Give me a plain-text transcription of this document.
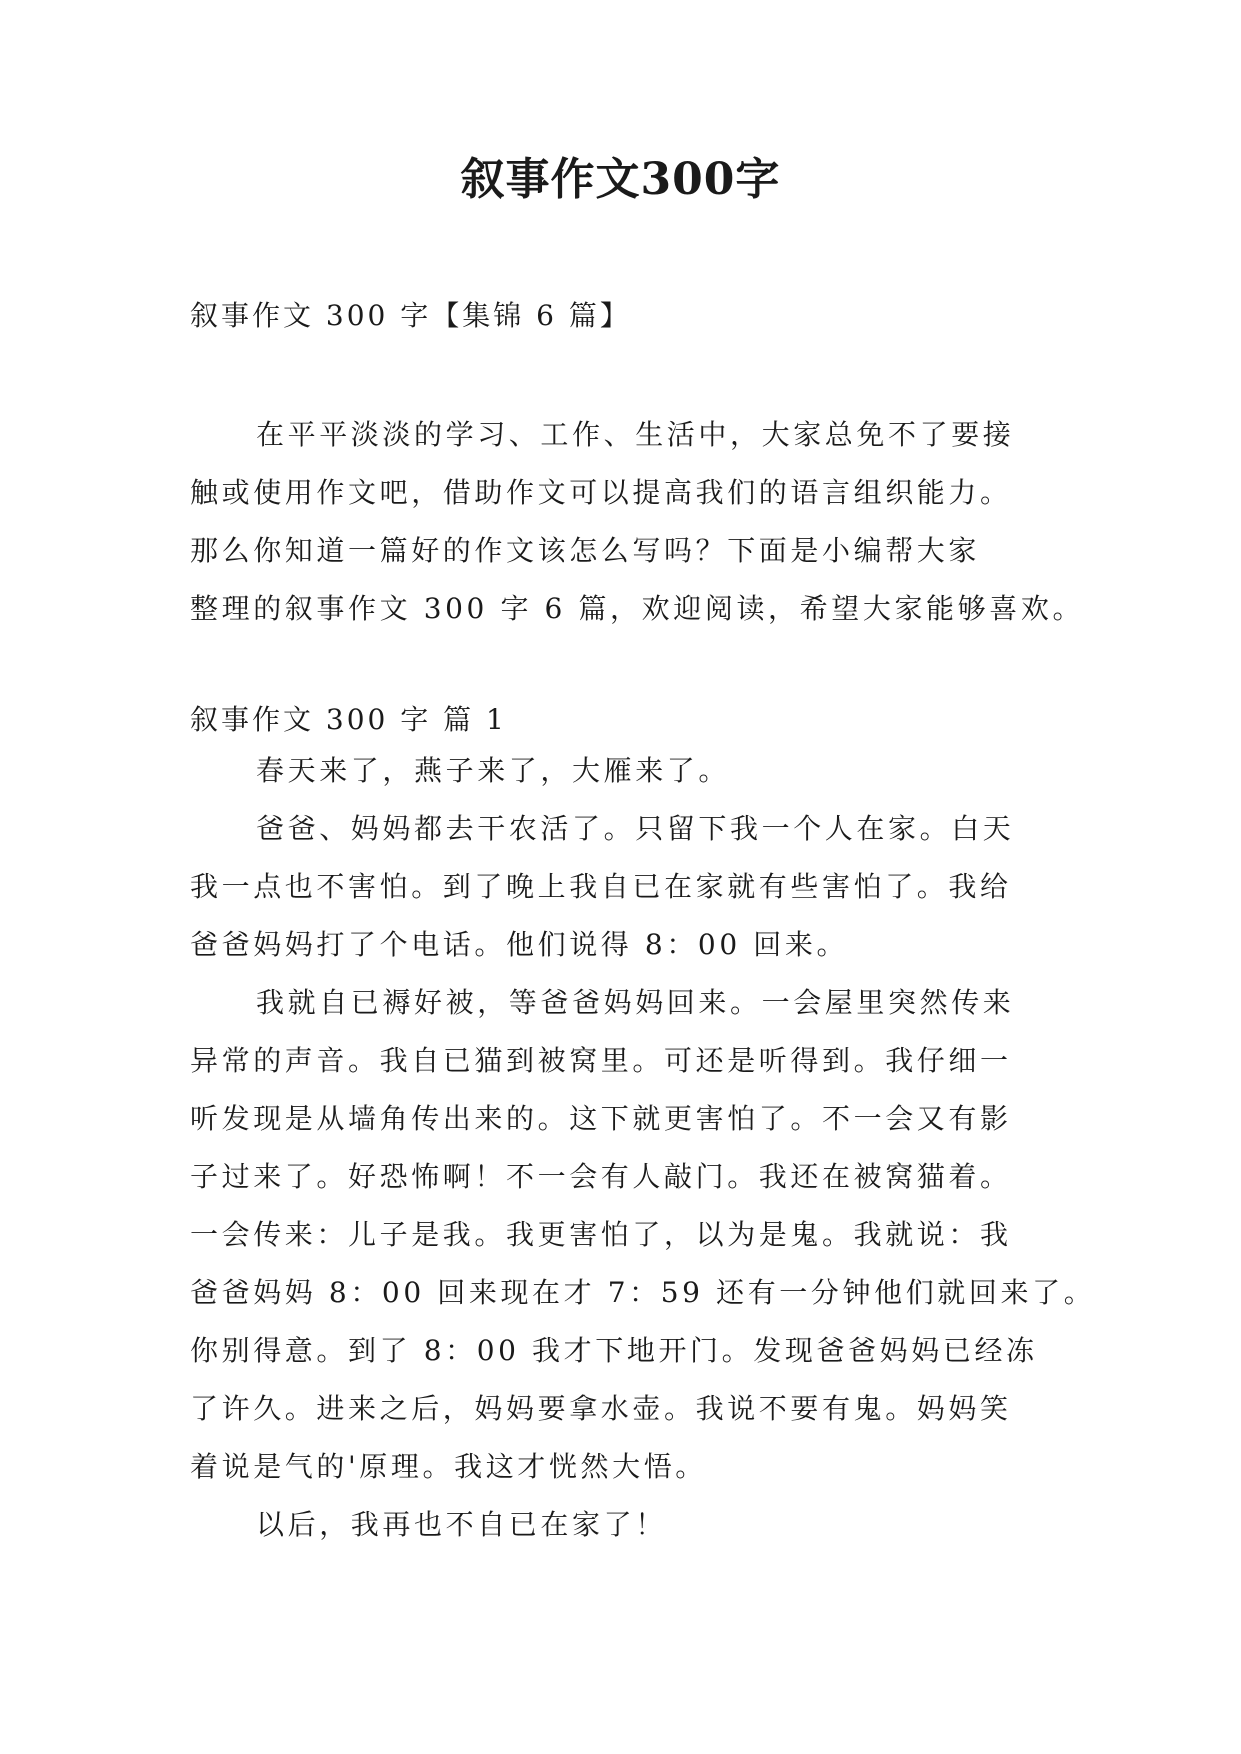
叙事作文300字
叙事作文 300 字【集锦 6 篇】
在平平淡淡的学习、工作、生活中，大家总免不了要接
触或使用作文吧，借助作文可以提高我们的语言组织能力。
那么你知道一篇好的作文该怎么写吗？下面是小编帮大家
整理的叙事作文 300 字 6 篇，欢迎阅读，希望大家能够喜欢。
叙事作文 300 字 篇 1
春天来了，燕子来了，大雁来了。
爸爸、妈妈都去干农活了。只留下我一个人在家。白天
我一点也不害怕。到了晚上我自已在家就有些害怕了。我给
爸爸妈妈打了个电话。他们说得 8：00 回来。
我就自已褥好被，等爸爸妈妈回来。一会屋里突然传来
异常的声音。我自已猫到被窝里。可还是听得到。我仔细一
听发现是从墙角传出来的。这下就更害怕了。不一会又有影
子过来了。好恐怖啊！不一会有人敲门。我还在被窝猫着。
一会传来：儿子是我。我更害怕了，以为是鬼。我就说：我
爸爸妈妈 8：00 回来现在才 7：59 还有一分钟他们就回来了。
你别得意。到了 8：00 我才下地开门。发现爸爸妈妈已经冻
了许久。进来之后，妈妈要拿水壶。我说不要有鬼。妈妈笑
着说是气的'原理。我这才恍然大悟。
以后，我再也不自已在家了！
